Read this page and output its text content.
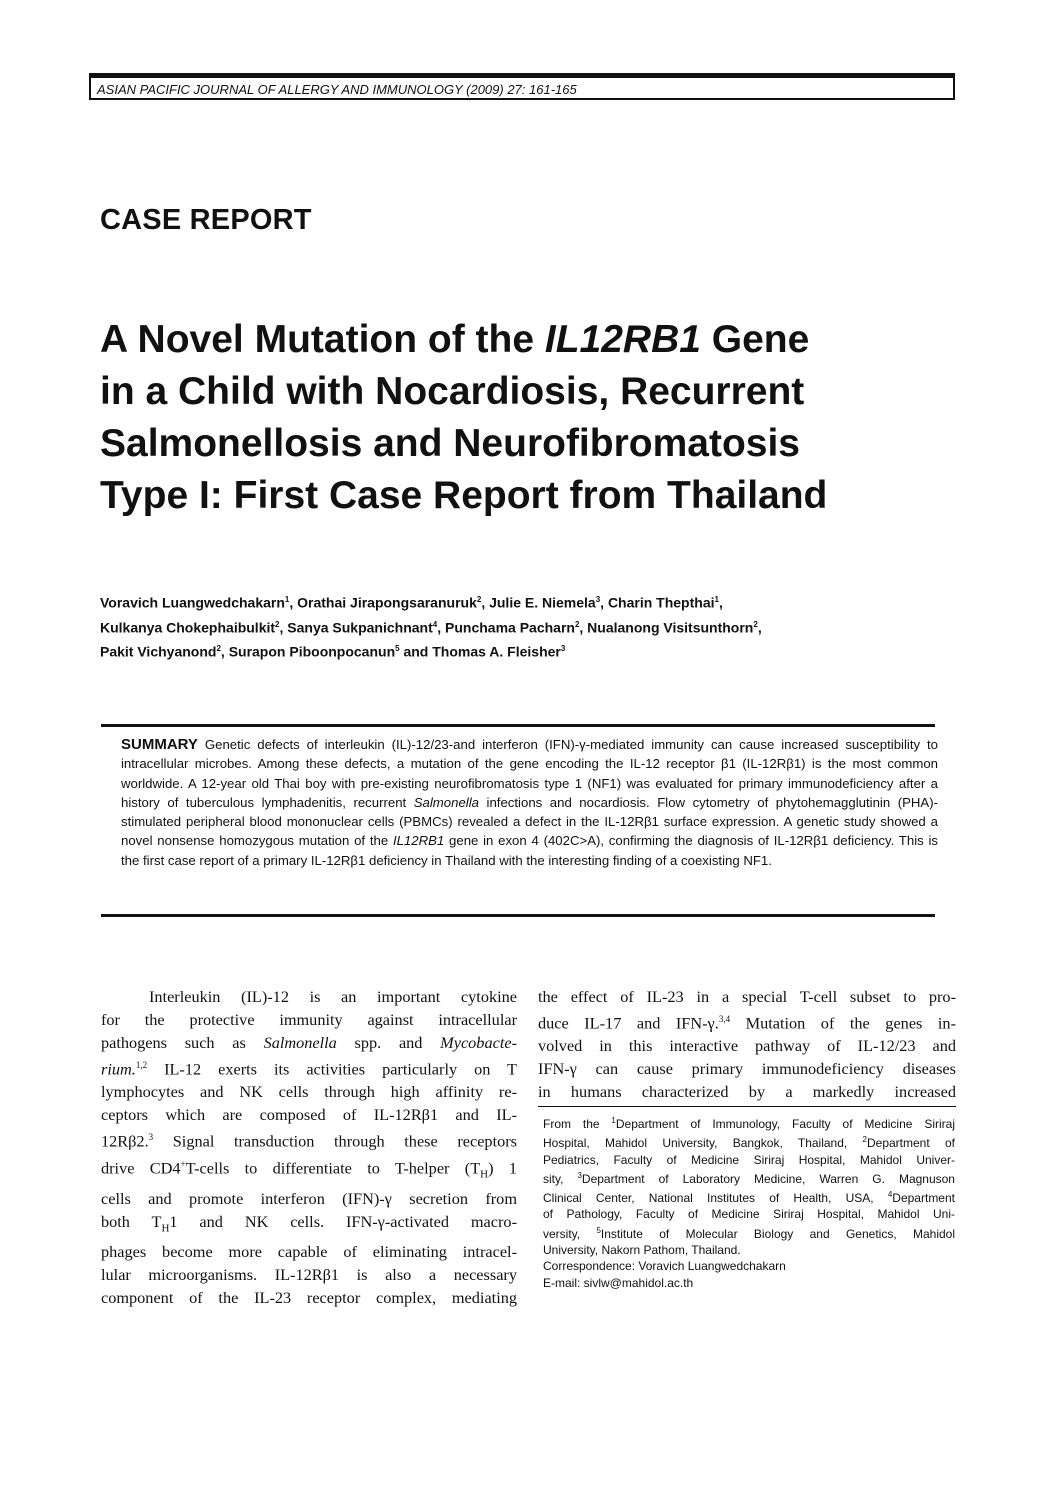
ASIAN PACIFIC JOURNAL OF ALLERGY AND IMMUNOLOGY (2009) 27: 161-165
CASE REPORT
A Novel Mutation of the IL12RB1 Gene
in a Child with Nocardiosis, Recurrent
Salmonellosis and Neurofibromatosis
Type I: First Case Report from Thailand
Voravich Luangwedchakarn$^1$, Orathai Jirapongsaranuruk$^2$, Julie E. Niemela$^3$, Charin Thepthai$^1$,
Kulkanya Chokephaibulkit$^2$, Sanya Sukpanichnant$^4$, Punchama Pacharn$^2$, Nualanong Visitsunthorn$^2$,
Pakit Vichyanond$^2$, Surapon Piboonpocanun$^5$ and Thomas A. Fleisher$^3$
SUMMARY Genetic defects of interleukin (IL)-12/23-and interferon (IFN)-γ-mediated immunity can cause increased susceptibility to intracellular microbes. Among these defects, a mutation of the gene encoding the IL-12 receptor β1 (IL-12Rβ1) is the most common worldwide. A 12-year old Thai boy with pre-existing neurofibromatosis type 1 (NF1) was evaluated for primary immunodeficiency after a history of tuberculous lymphadenitis, recurrent Salmonella infections and nocardiosis. Flow cytometry of phytohemagglutinin (PHA)-stimulated peripheral blood mononuclear cells (PBMCs) revealed a defect in the IL-12Rβ1 surface expression. A genetic study showed a novel nonsense homozygous mutation of the IL12RB1 gene in exon 4 (402C>A), confirming the diagnosis of IL-12Rβ1 deficiency. This is the first case report of a primary IL-12Rβ1 deficiency in Thailand with the interesting finding of a coexisting NF1.
Interleukin (IL)-12 is an important cytokine
for the protective immunity against intracellular
pathogens such as Salmonella spp. and Mycobacte-
rium.$^{1,2}$ IL-12 exerts its activities particularly on T
lymphocytes and NK cells through high affinity re-
ceptors which are composed of IL-12Rβ1 and IL-
12Rβ2.$^3$ Signal transduction through these receptors
drive CD4+T-cells to differentiate to T-helper $(T_H)$ 1
cells and promote interferon (IFN)-γ secretion from
both $T_H1$ and NK cells. IFN-γ-activated macro-
phages become more capable of eliminating intracel-
lular microorganisms. IL-12Rβ1 is also a necessary
component of the IL-23 receptor complex, mediating
the effect of IL-23 in a special T-cell subset to pro-
duce IL-17 and IFN-γ.$^{3,4}$ Mutation of the genes in-
volved in this interactive pathway of IL-12/23 and
IFN-γ can cause primary immunodeficiency diseases
in humans characterized by a markedly increased
From the $^1$Department of Immunology, Faculty of Medicine Siriraj
Hospital, Mahidol University, Bangkok, Thailand, $^2$Department of
Pediatrics, Faculty of Medicine Siriraj Hospital, Mahidol Univer-
sity, $^3$Department of Laboratory Medicine, Warren G. Magnuson
Clinical Center, National Institutes of Health, USA, $^4$Department
of Pathology, Faculty of Medicine Siriraj Hospital, Mahidol Uni-
versity, $^5$Institute of Molecular Biology and Genetics, Mahidol
University, Nakorn Pathom, Thailand.
Correspondence: Voravich Luangwedchakarn
E-mail: sivlw@mahidol.ac.th
